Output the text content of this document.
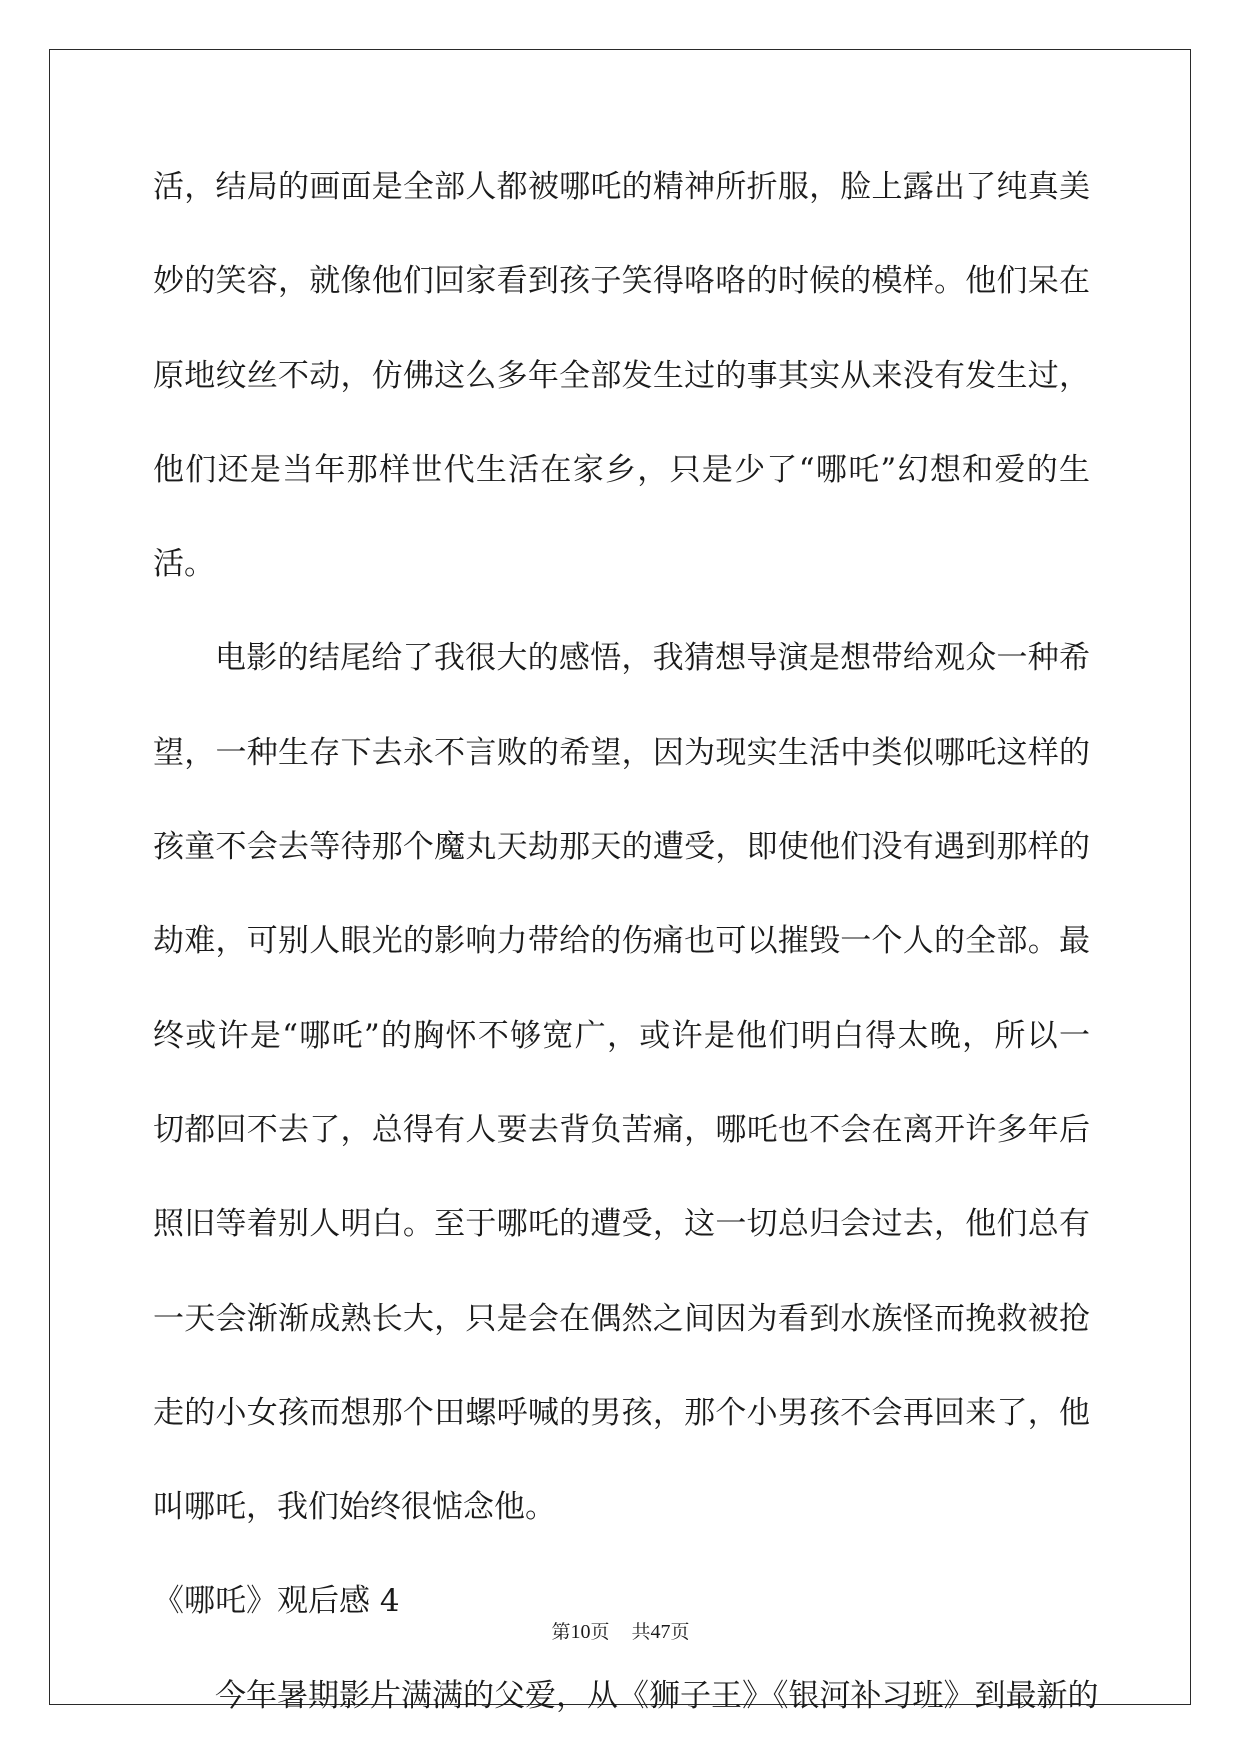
活，结局的画面是全部人都被哪吒的精神所折服，脸上露出了纯真美
妙的笑容，就像他们回家看到孩子笑得咯咯的时候的模样。他们呆在
原地纹丝不动，仿佛这么多年全部发生过的事其实从来没有发生过，
他们还是当年那样世代生活在家乡，只是少了“哪吒”幻想和爱的生
活。
电影的结尾给了我很大的感悟，我猜想导演是想带给观众一种希
望，一种生存下去永不言败的希望，因为现实生活中类似哪吒这样的
孩童不会去等待那个魔丸天劫那天的遭受，即使他们没有遇到那样的
劫难，可别人眼光的影响力带给的伤痛也可以摧毁一个人的全部。最
终或许是“哪吒”的胸怀不够宽广，或许是他们明白得太晚，所以一
切都回不去了，总得有人要去背负苦痛，哪吒也不会在离开许多年后
照旧等着别人明白。至于哪吒的遭受，这一切总归会过去，他们总有
一天会渐渐成熟长大，只是会在偶然之间因为看到水族怪而挽救被抢
走的小女孩而想那个田螺呼喊的男孩，那个小男孩不会再回来了，他
叫哪吒，我们始终很惦念他。
《哪吒》观后感 4
今年暑期影片满满的父爱，从《狮子王》《银河补习班》到最新的
第10页 共47页
